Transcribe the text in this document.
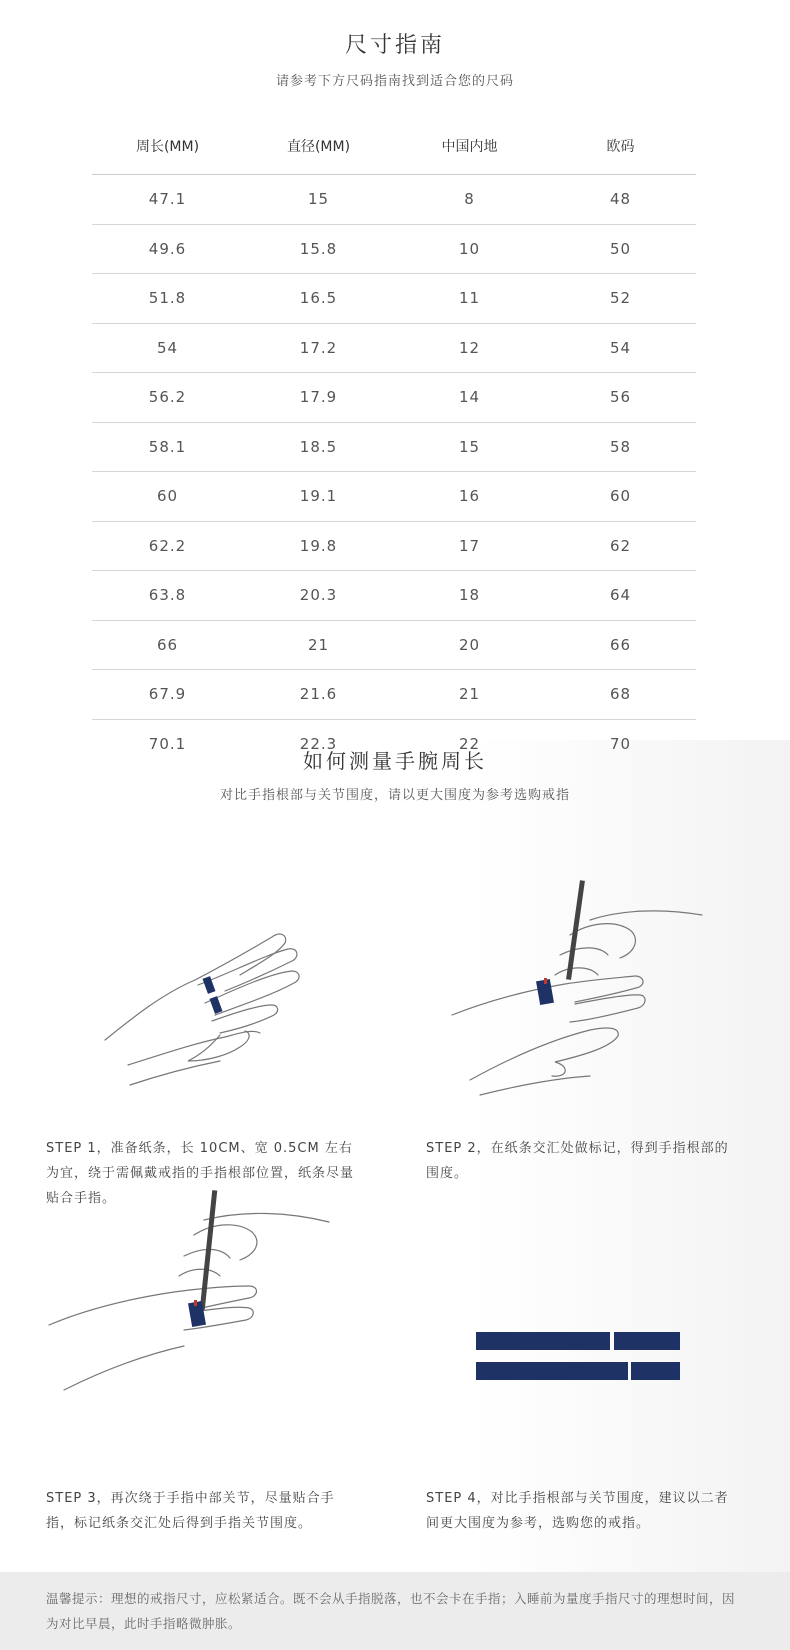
尺寸指南
请参考下方尺码指南找到适合您的尺码
周长(MM)	直径(MM)	中国内地	欧码
47.1	15	8	48
49.6	15.8	10	50
51.8	16.5	11	52
54	17.2	12	54
56.2	17.9	14	56
58.1	18.5	15	58
60	19.1	16	60
62.2	19.8	17	62
63.8	20.3	18	64
66	21	20	66
67.9	21.6	21	68
70.1	22.3	22	70
如何测量手腕周长
对比手指根部与关节围度，请以更大围度为参考选购戒指
STEP 1，准备纸条，长 10CM、宽 0.5CM 左右为宜，绕于需佩戴戒指的手指根部位置，纸条尽量贴合手指。
STEP 2，在纸条交汇处做标记，得到手指根部的围度。
STEP 3，再次绕于手指中部关节，尽量贴合手指，标记纸条交汇处后得到手指关节围度。
STEP 4，对比手指根部与关节围度，建议以二者间更大围度为参考，选购您的戒指。
温馨提示：理想的戒指尺寸，应松紧适合。既不会从手指脱落，也不会卡在手指；入睡前为量度手指尺寸的理想时间，因为对比早晨，此时手指略微肿胀。
